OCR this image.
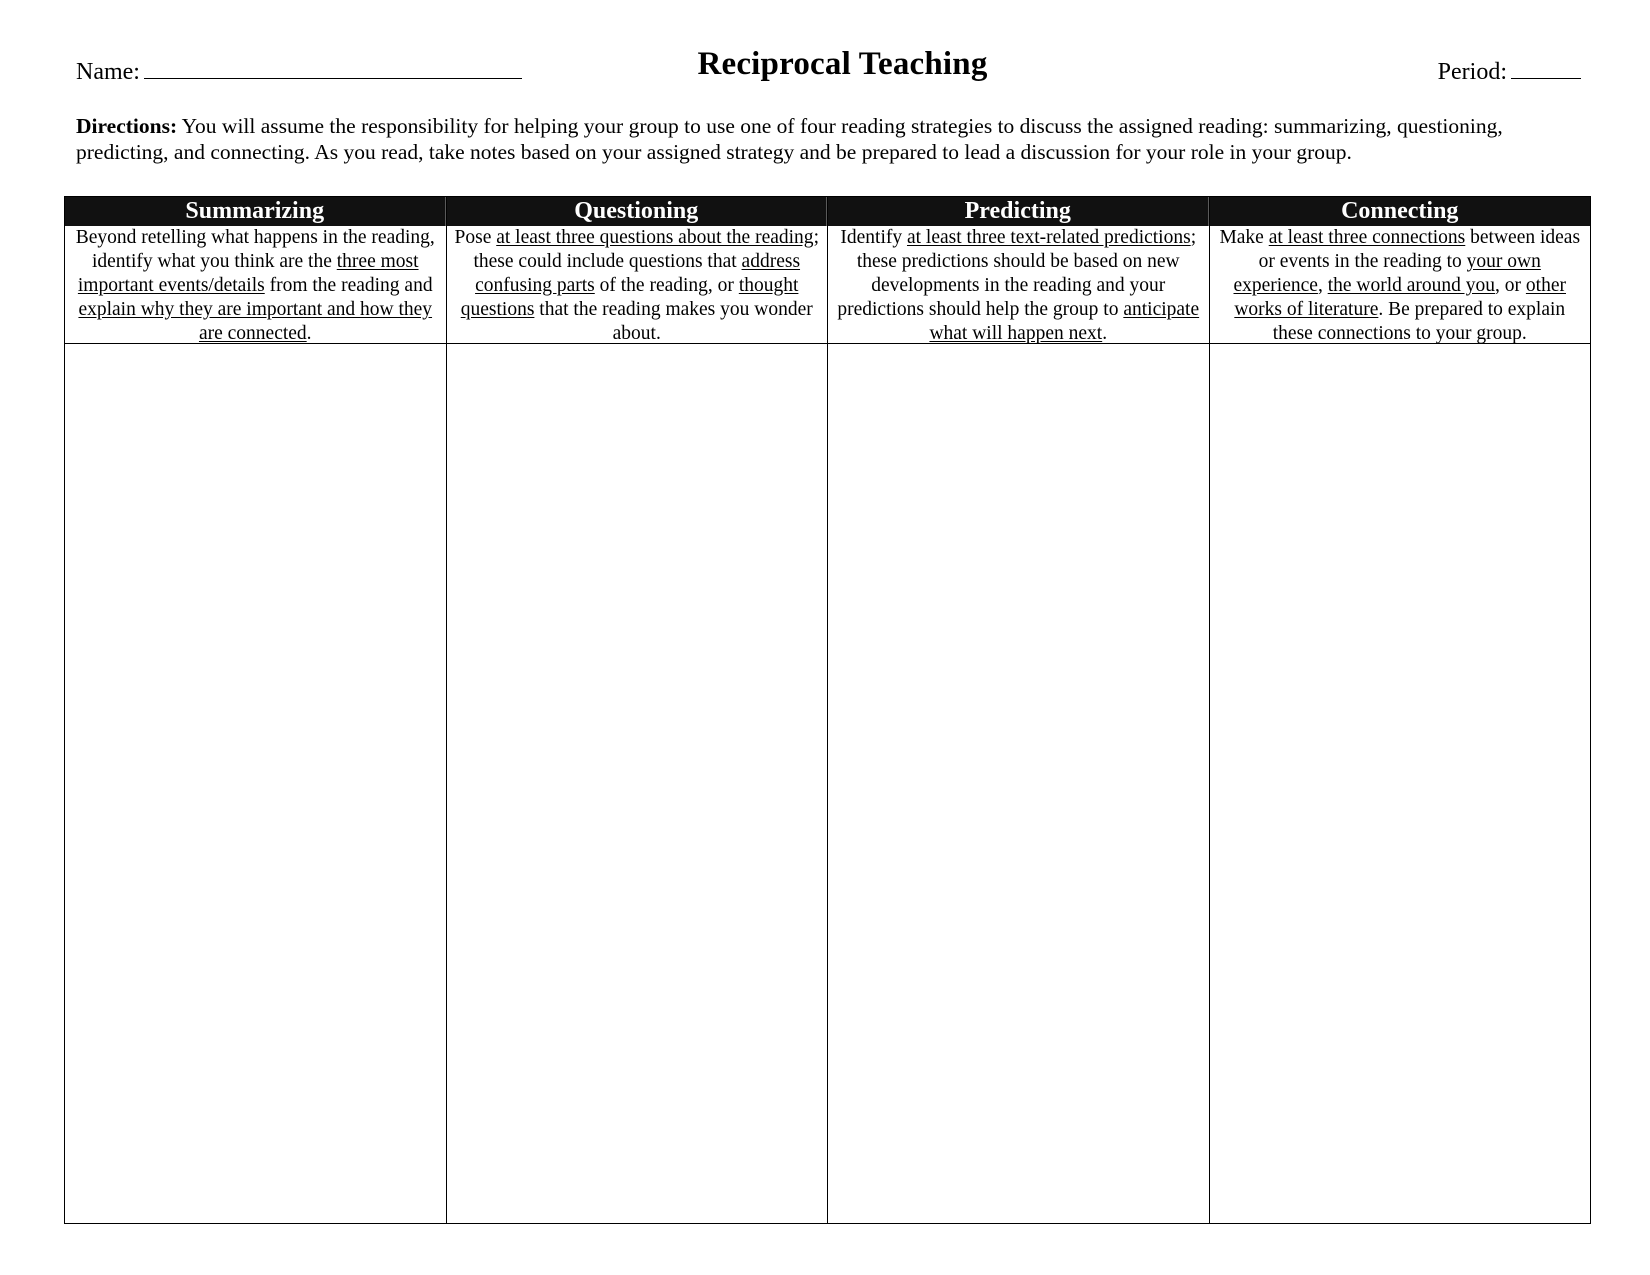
Name:	Reciprocal Teaching	Period:
Directions: You will assume the responsibility for helping your group to use one of four reading strategies to discuss the assigned reading: summarizing, questioning, predicting, and connecting. As you read, take notes based on your assigned strategy and be prepared to lead a discussion for your role in your group.
Summarizing
Beyond retelling what happens in the reading, identify what you think are the three most important events/details from the reading and explain why they are important and how they are connected.
Questioning
Pose at least three questions about the reading; these could include questions that address confusing parts of the reading, or thought questions that the reading makes you wonder about.
Predicting
Identify at least three text-related predictions; these predictions should be based on new developments in the reading and your predictions should help the group to anticipate what will happen next.
Connecting
Make at least three connections between ideas or events in the reading to your own experience, the world around you, or other works of literature. Be prepared to explain these connections to your group.
